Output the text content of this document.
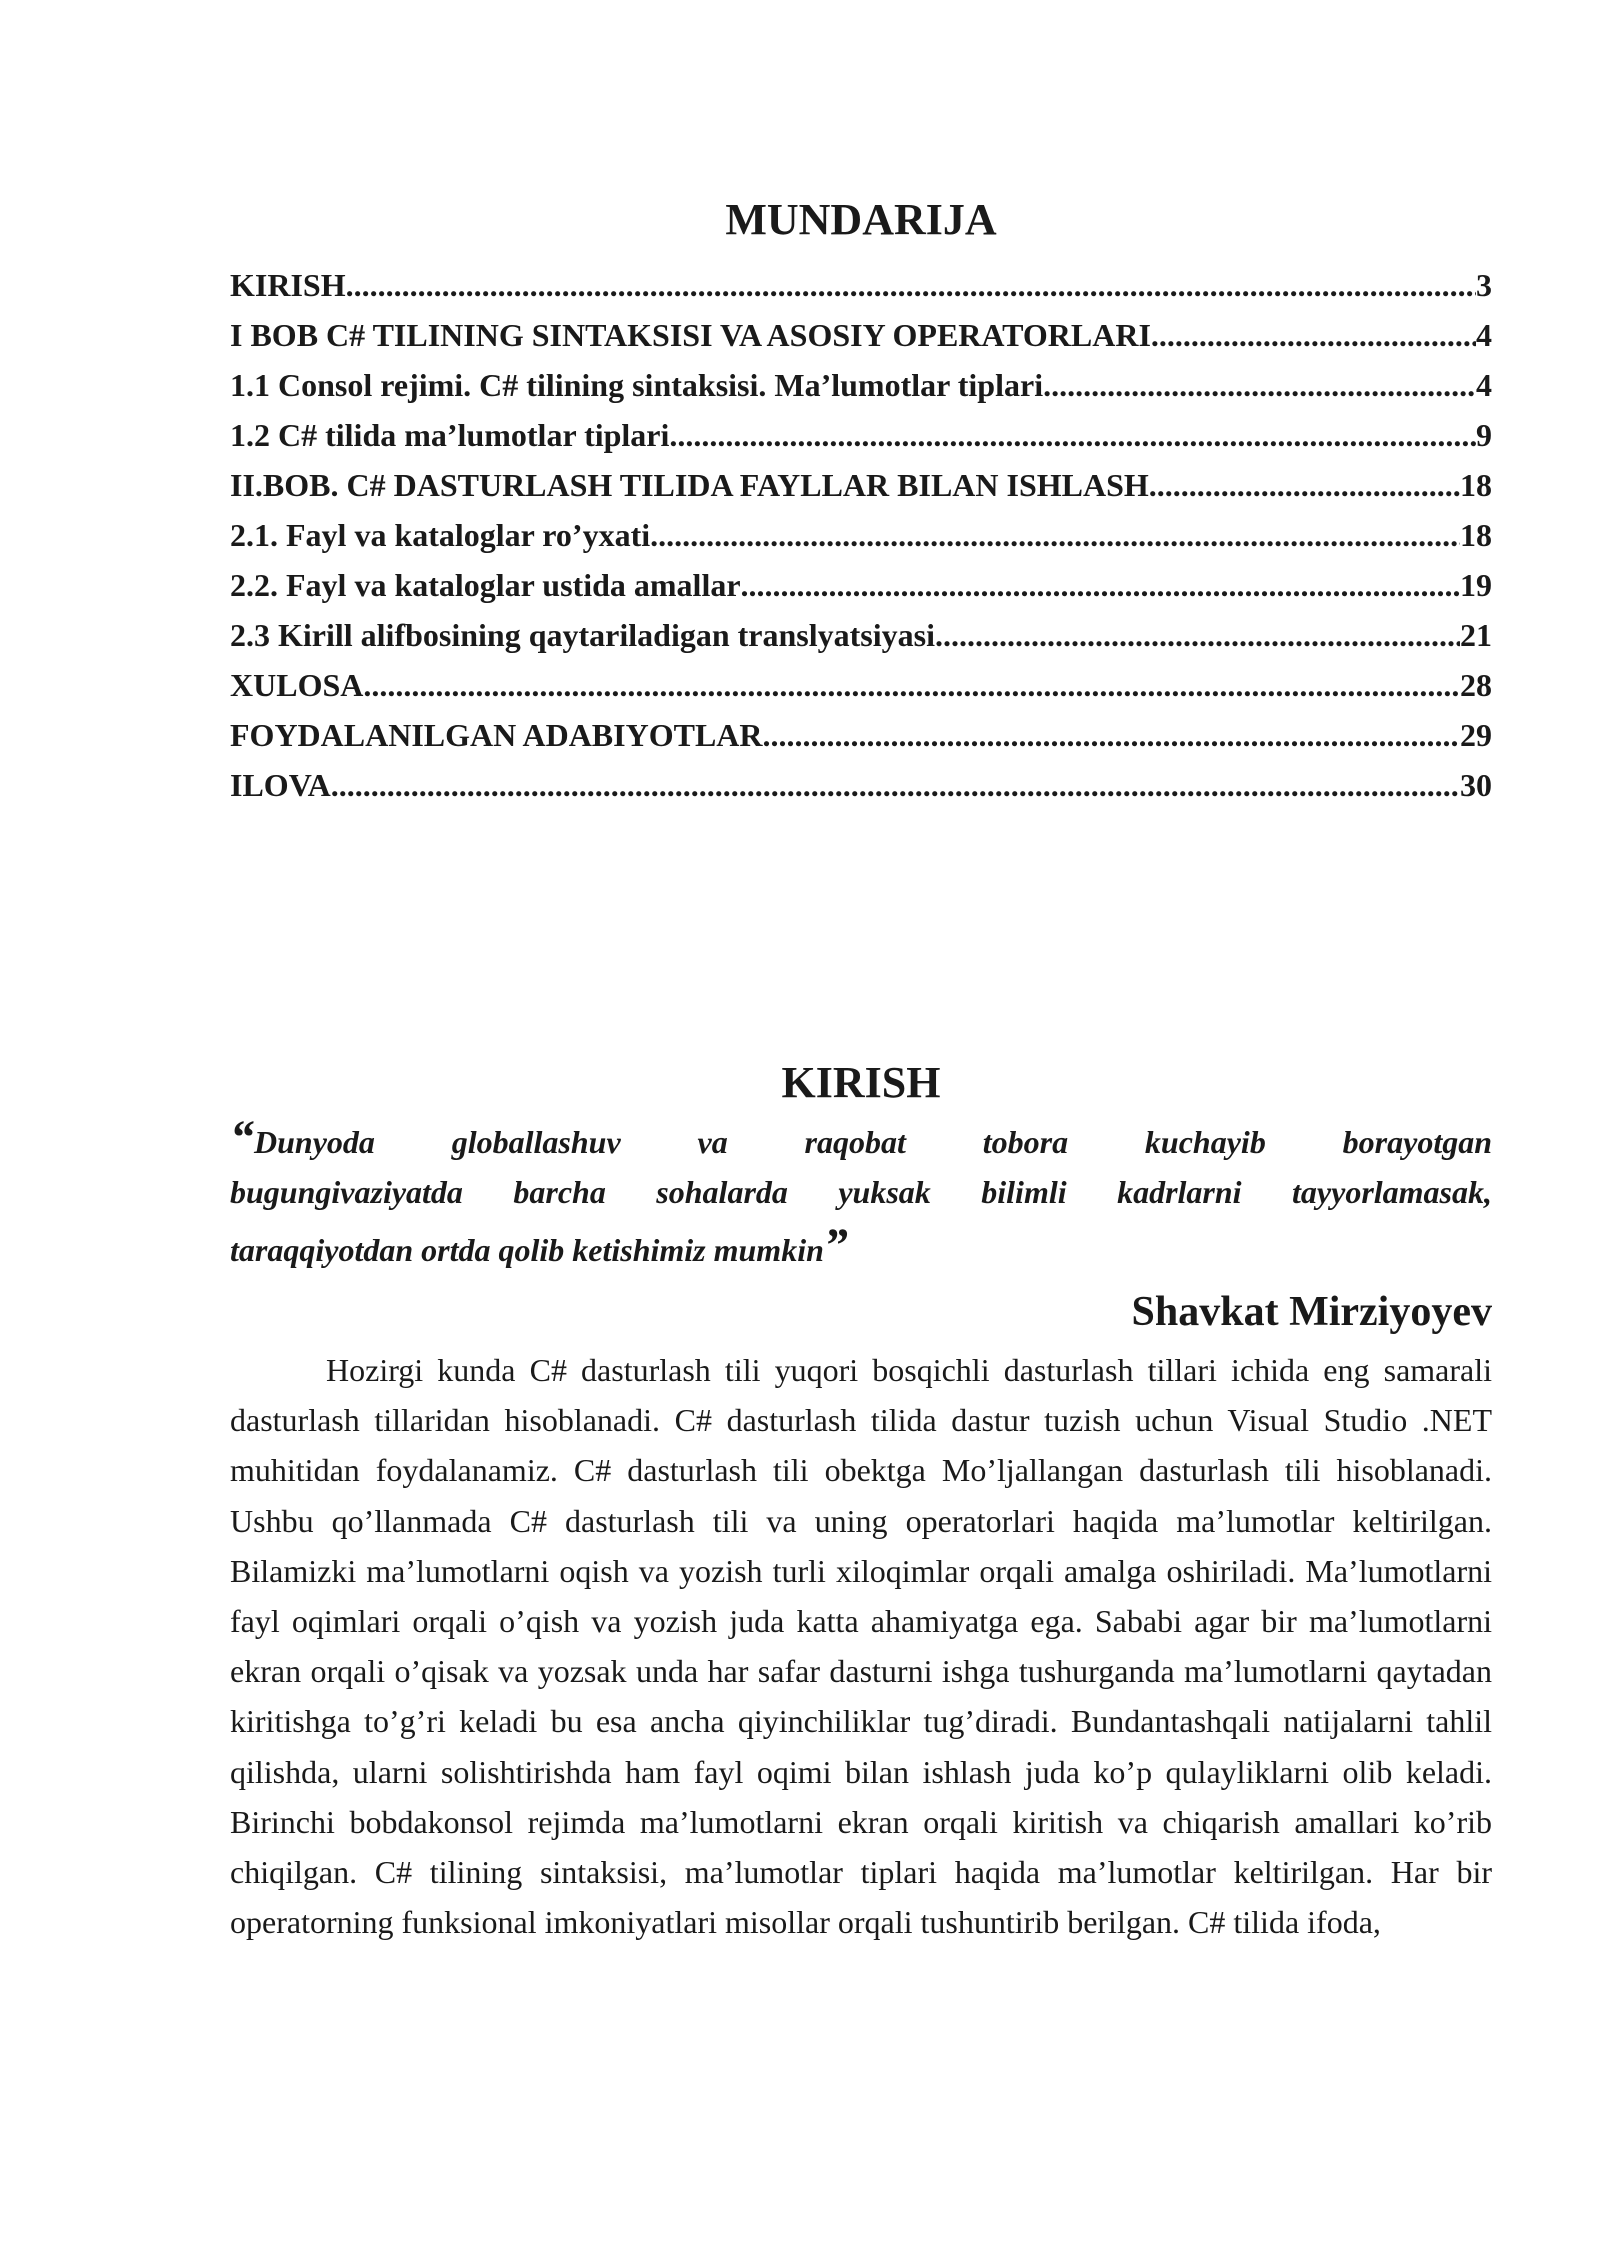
MUNDARIJA
KIRISH .....	3
I BOB C# TILINING SINTAKSISI VA ASOSIY OPERATORLARI .....	4
1.1 Consol rejimi. C# tilining sintaksisi. Ma’lumotlar tiplari .....	4
1.2 C# tilida ma’lumotlar tiplari .....	9
II.BOB. C# DASTURLASH TILIDA FAYLLAR BILAN ISHLASH .....	18
2.1. Fayl va kataloglar ro’yxati .....	18
2.2. Fayl va kataloglar ustida amallar .....	19
2.3 Kirill alifbosining qaytariladigan translyatsiyasi .....	21
XULOSA .....	28
FOYDALANILGAN ADABIYOTLAR .....	29
ILOVA .....	30
KIRISH
“Dunyoda globallashuv va raqobat tobora kuchayib borayotgan
bugungivaziyatda barcha sohalarda yuksak bilimli kadrlarni tayyorlamasak,
taraqqiyotdan ortda qolib ketishimiz mumkin”

Shavkat Mirziyoyev

Hozirgi kunda C# dasturlash tili yuqori bosqichli dasturlash tillari ichida eng samarali dasturlash tillaridan hisoblanadi. C# dasturlash tilida dastur tuzish uchun Visual Studio .NET muhitidan foydalanamiz. C# dasturlash tili obektga Mo’ljallangan dasturlash tili hisoblanadi. Ushbu qo’llanmada C# dasturlash tili va uning operatorlari haqida ma’lumotlar keltirilgan. Bilamizki ma’lumotlarni oqish va yozish turli xiloqimlar orqali amalga oshiriladi. Ma’lumotlarni fayl oqimlari orqali o’qish va yozish juda katta ahamiyatga ega. Sababi agar bir ma’lumotlarni ekran orqali o’qisak va yozsak unda har safar dasturni ishga tushurganda ma’lumotlarni qaytadan kiritishga to’g’ri keladi bu esa ancha qiyinchiliklar tug’diradi. Bundantashqali natijalarni tahlil qilishda, ularni solishtirishda ham fayl oqimi bilan ishlash juda ko’p qulayliklarni olib keladi. Birinchi bobdakonsol rejimda ma’lumotlarni ekran orqali kiritish va chiqarish amallari ko’rib chiqilgan. C# tilining sintaksisi, ma’lumotlar tiplari haqida ma’lumotlar keltirilgan. Har bir operatorning funksional imkoniyatlari misollar orqali tushuntirib berilgan. C# tilida ifoda,
